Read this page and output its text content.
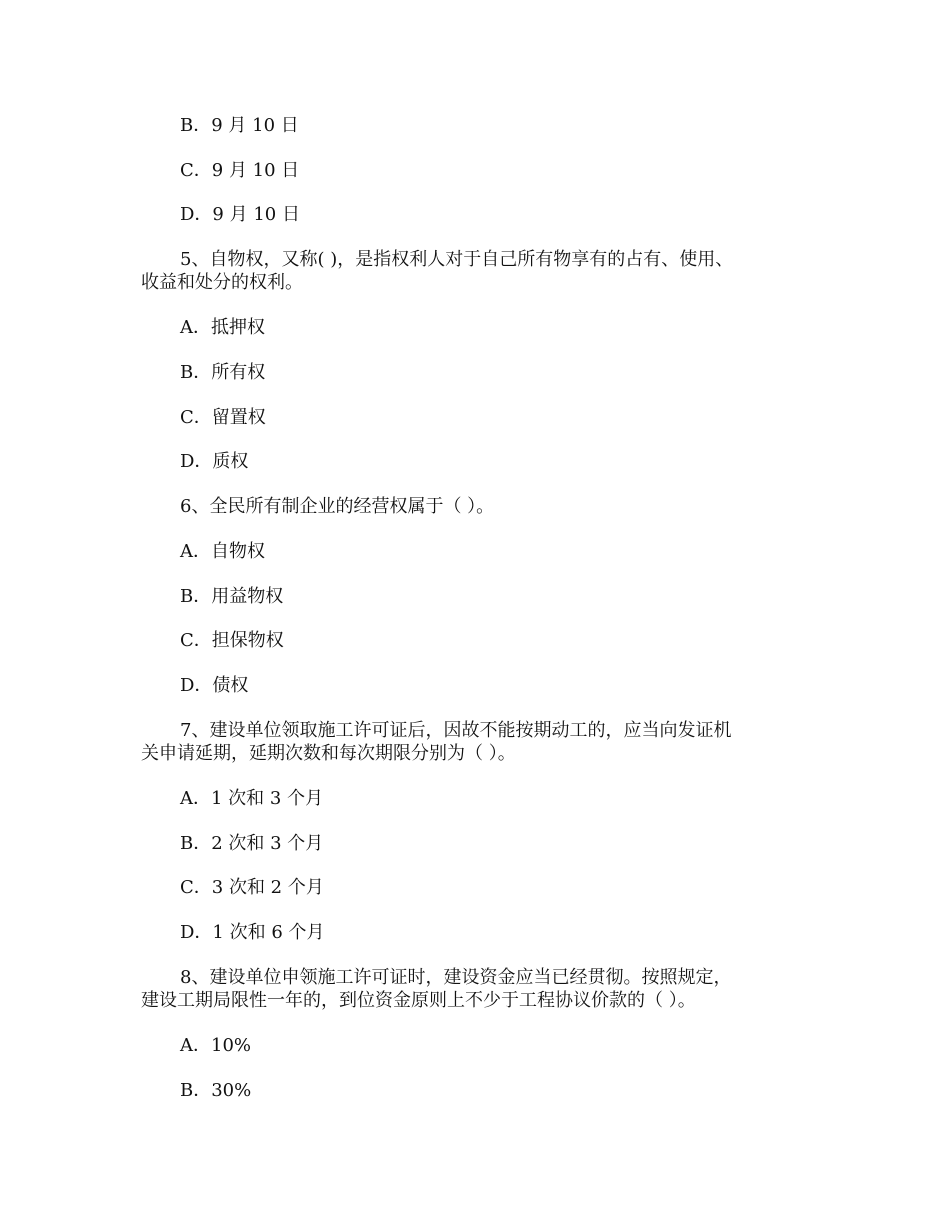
B．9 月 10 日
C．9 月 10 日
D．9 月 10 日
5、自物权，又称( )，是指权利人对于自己所有物享有的占有、使用、
收益和处分的权利。
A．抵押权
B．所有权
C．留置权
D．质权
6、全民所有制企业的经营权属于（ ）。
A．自物权
B．用益物权
C．担保物权
D．债权
7、建设单位领取施工许可证后，因故不能按期动工的，应当向发证机
关申请延期，延期次数和每次期限分别为（ ）。
A．1 次和 3 个月
B．2 次和 3 个月
C．3 次和 2 个月
D．1 次和 6 个月
8、建设单位申领施工许可证时，建设资金应当已经贯彻。按照规定，
建设工期局限性一年的，到位资金原则上不少于工程协议价款的（ ）。
A．10%
B．30%
